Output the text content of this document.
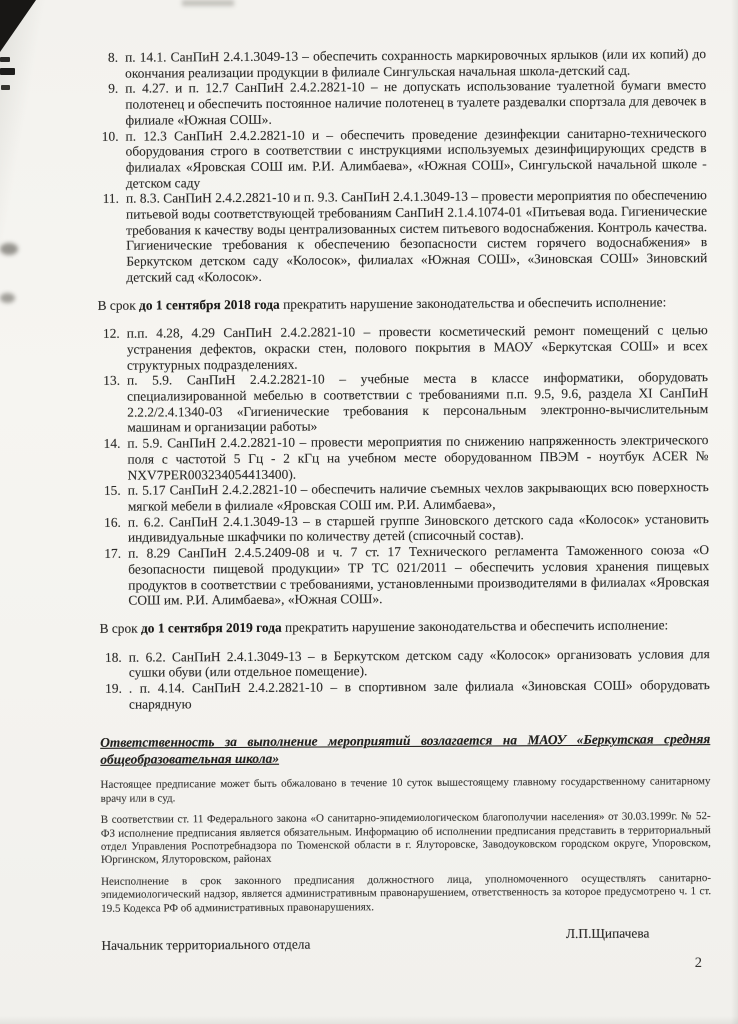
8. п. 14.1. СанПиН 2.4.1.3049-13 – обеспечить сохранность маркировочных ярлыков (или их копий) до окончания реализации продукции в филиале Сингульская начальная школа-детский сад.
9. п. 4.27. и п. 12.7 СанПиН 2.4.2.2821-10 – не допускать использование туалетной бумаги вместо полотенец и обеспечить постоянное наличие полотенец в туалете раздевалки спортзала для девочек в филиале «Южная СОШ».
10. п. 12.3 СанПиН 2.4.2.2821-10 и – обеспечить проведение дезинфекции санитарно-технического оборудования строго в соответствии с инструкциями используемых дезинфицирующих средств в филиалах «Яровская СОШ им. Р.И. Алимбаева», «Южная СОШ», Сингульской начальной школе - детском саду
11. п. 8.3. СанПиН 2.4.2.2821-10 и п. 9.3. СанПиН 2.4.1.3049-13 – провести мероприятия по обеспечению питьевой воды соответствующей требованиям СанПиН 2.1.4.1074-01 «Питьевая вода. Гигиенические требования к качеству воды централизованных систем питьевого водоснабжения. Контроль качества. Гигиенические требования к обеспечению безопасности систем горячего водоснабжения» в Беркутском детском саду «Колосок», филиалах «Южная СОШ», «Зиновская СОШ» Зиновский детский сад «Колосок».

В срок до 1 сентября 2018 года прекратить нарушение законодательства и обеспечить исполнение:

12. п.п. 4.28, 4.29 СанПиН 2.4.2.2821-10 – провести косметический ремонт помещений с целью устранения дефектов, окраски стен, полового покрытия в МАОУ «Беркутская СОШ» и всех структурных подразделениях.
13. п. 5.9. СанПиН 2.4.2.2821-10 – учебные места в классе информатики, оборудовать специализированной мебелью в соответствии с требованиями п.п. 9.5, 9.6, раздела XI СанПиН 2.2.2/2.4.1340-03 «Гигиенические требования к персональным электронно-вычислительным машинам и организации работы»
14. п. 5.9. СанПиН 2.4.2.2821-10 – провести мероприятия по снижению напряженность электрического поля с частотой 5 Гц - 2 кГц на учебном месте оборудованном ПВЭМ - ноутбук ACER № NXV7PER003234054413400).
15. п. 5.17 СанПиН 2.4.2.2821-10 – обеспечить наличие съемных чехлов закрывающих всю поверхность мягкой мебели в филиале «Яровская СОШ им. Р.И. Алимбаева»,
16. п. 6.2. СанПиН 2.4.1.3049-13 – в старшей группе Зиновского детского сада «Колосок» установить индивидуальные шкафчики по количеству детей (списочный состав).
17. п. 8.29 СанПиН 2.4.5.2409-08 и ч. 7 ст. 17 Технического регламента Таможенного союза «О безопасности пищевой продукции» ТР ТС 021/2011 – обеспечить условия хранения пищевых продуктов в соответствии с требованиями, установленными производителями в филиалах «Яровская СОШ им. Р.И. Алимбаева», «Южная СОШ».

В срок до 1 сентября 2019 года прекратить нарушение законодательства и обеспечить исполнение:

18. п. 6.2. СанПиН 2.4.1.3049-13 – в Беркутском детском саду «Колосок» организовать условия для сушки обуви (или отдельное помещение).
19. . п. 4.14. СанПиН 2.4.2.2821-10 – в спортивном зале филиала «Зиновская СОШ» оборудовать снарядную

Ответственность за выполнение мероприятий возлагается на МАОУ «Беркутская средняя общеобразовательная школа»

Настоящее предписание может быть обжаловано в течение 10 суток вышестоящему главному государственному санитарному врачу или в суд.

В соответствии ст. 11 Федерального закона «О санитарно-эпидемиологическом благополучии населения» от 30.03.1999г. № 52-ФЗ исполнение предписания является обязательным. Информацию об исполнении предписания представить в территориальный отдел Управления Роспотребнадзора по Тюменской области в г. Ялуторовске, Заводоуковском городском округе, Упоровском, Юргинском, Ялуторовском, районах

Неисполнение в срок законного предписания должностного лица, уполномоченного осуществлять санитарно-эпидемиологический надзор, является административным правонарушением, ответственность за которое предусмотрено ч. 1 ст. 19.5 Кодекса РФ об административных правонарушениях.

Начальник территориального отдела
Л.П.Щипачева
2
